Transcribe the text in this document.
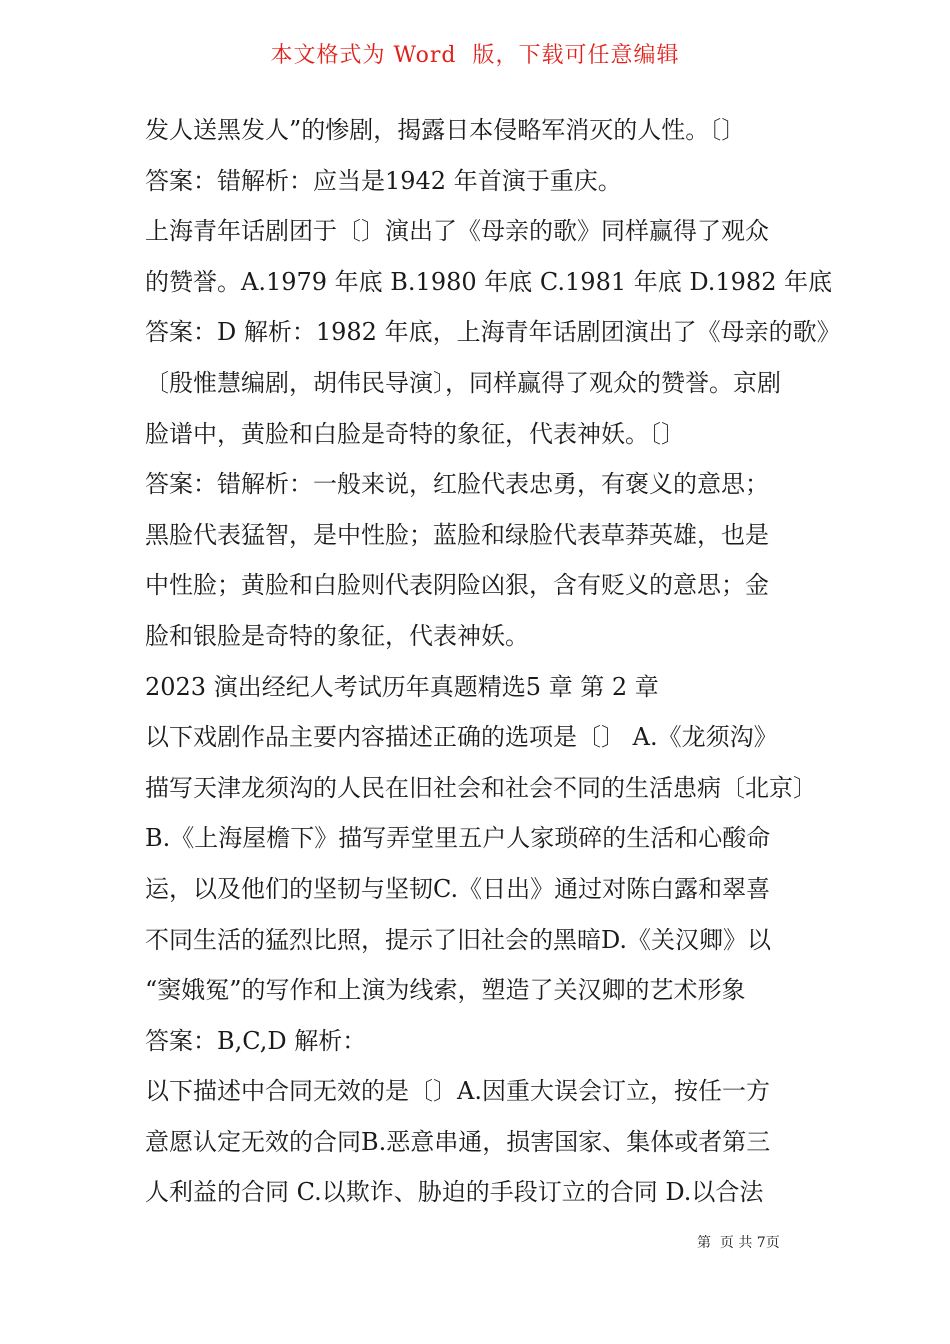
本文格式为 Word  版，下载可任意编辑
发人送黑发人”的惨剧，揭露日本侵略军消灭的人性。〔〕
答案：错解析：应当是1942 年首演于重庆。
上海青年话剧团于〔〕演出了《母亲的歌》同样赢得了观众
的赞誉。A.1979 年底 B.1980 年底 C.1981 年底 D.1982 年底
答案：D 解析：1982 年底，上海青年话剧团演出了《母亲的歌》
〔殷惟慧编剧，胡伟民导演〕，同样赢得了观众的赞誉。京剧
脸谱中，黄脸和白脸是奇特的象征，代表神妖。〔〕
答案：错解析：一般来说，红脸代表忠勇，有褒义的意思；
黑脸代表猛智，是中性脸；蓝脸和绿脸代表草莽英雄，也是
中性脸；黄脸和白脸则代表阴险凶狠，含有贬义的意思；金
脸和银脸是奇特的象征，代表神妖。
2023 演出经纪人考试历年真题精选5 章 第 2 章
以下戏剧作品主要内容描述正确的选项是〔〕 A.《龙须沟》
描写天津龙须沟的人民在旧社会和社会不同的生活患病〔北京〕
B.《上海屋檐下》描写弄堂里五户人家琐碎的生活和心酸命
运，以及他们的坚韧与坚韧C.《日出》通过对陈白露和翠喜
不同生活的猛烈比照，提示了旧社会的黑暗D.《关汉卿》以
“窦娥冤”的写作和上演为线索，塑造了关汉卿的艺术形象
答案：B,C,D 解析：
以下描述中合同无效的是〔〕A.因重大误会订立，按任一方
意愿认定无效的合同B.恶意串通，损害国家、集体或者第三
人利益的合同 C.以欺诈、胁迫的手段订立的合同 D.以合法
第  页 共 7页
